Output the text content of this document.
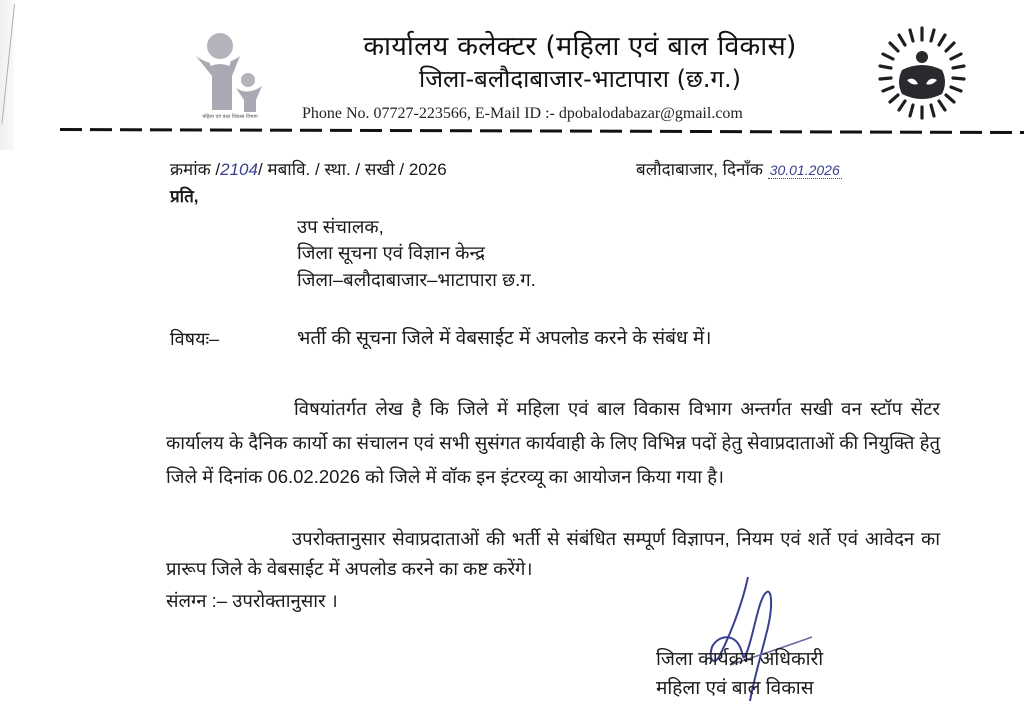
महिला एवं बाल विकास विभाग
कार्यालय कलेक्टर (महिला एवं बाल विकास)
जिला-बलौदाबाजार-भाटापारा (छ.ग.)
Phone No. 07727-223566, E-Mail ID :- dpobalodabazar@gmail.com
क्रमांक /2104/ मबावि. / स्था. / सखी / 2026	बलौदाबाजार, दिनाँक 30.01.2026
प्रति,
उप संचालक,
जिला सूचना एवं विज्ञान केन्द्र
जिला–बलौदाबाजार–भाटापारा छ.ग.
विषयः–	भर्ती की सूचना जिले में वेबसाईट में अपलोड करने के संबंध में।
विषयांतर्गत लेख है कि जिले में महिला एवं बाल विकास विभाग अन्तर्गत सखी वन स्टॉप सेंटर कार्यालय के दैनिक कार्यो का संचालन एवं सभी सुसंगत कार्यवाही के लिए विभिन्न पदों हेतु सेवाप्रदाताओं की नियुक्ति हेतु जिले में दिनांक 06.02.2026 को जिले में वॉक इन इंटरव्यू का आयोजन किया गया है।
उपरोक्तानुसार सेवाप्रदाताओं की भर्ती से संबंधित सम्पूर्ण विज्ञापन, नियम एवं शर्ते एवं आवेदन का प्रारूप जिले के वेबसाईट में अपलोड करने का कष्ट करेंगे।
संलग्न :– उपरोक्तानुसार ।
जिला कार्यक्रम अधिकारी
महिला एवं बाल विकास
